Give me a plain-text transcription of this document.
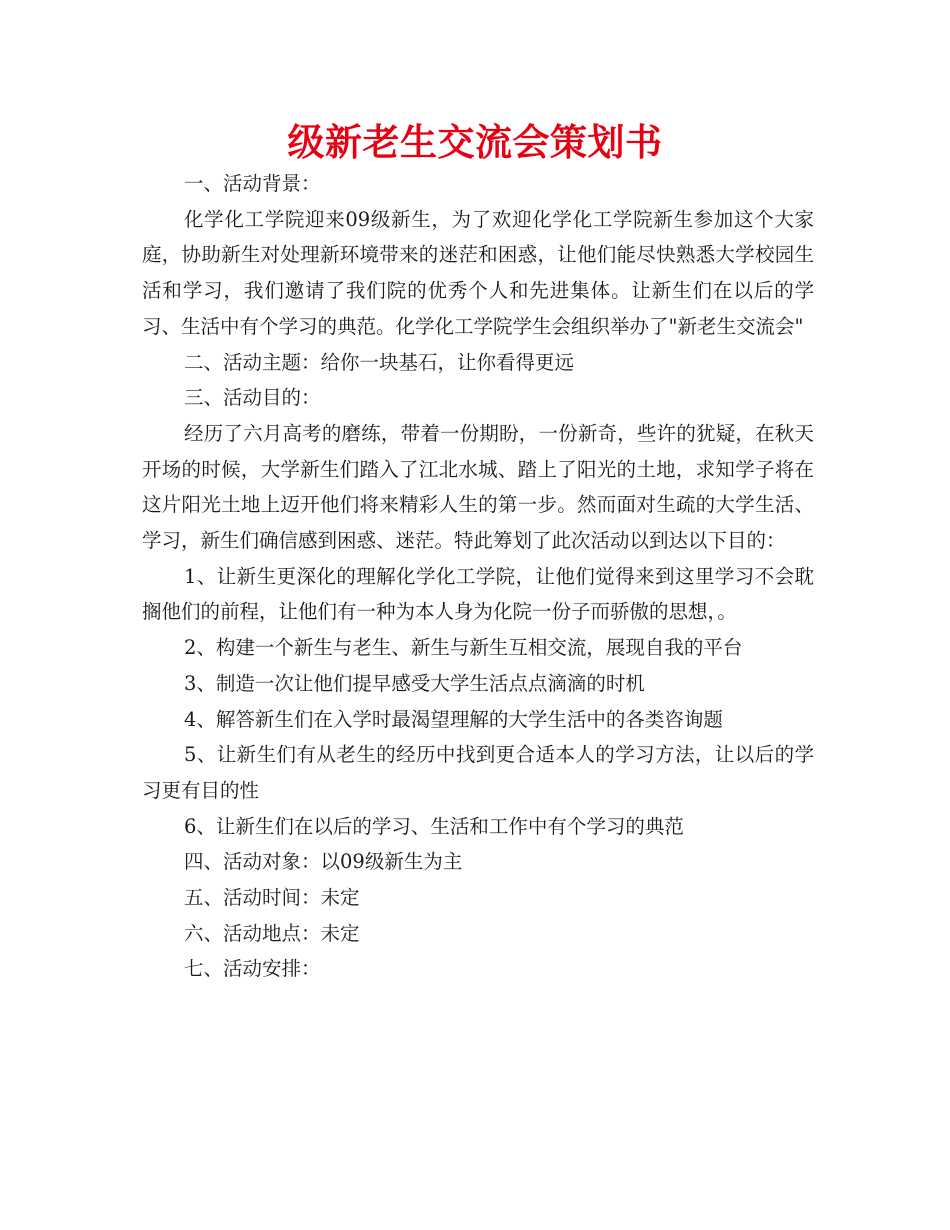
级新老生交流会策划书

一、活动背景：

化学化工学院迎来09级新生，为了欢迎化学化工学院新生参加这个大家庭，协助新生对处理新环境带来的迷茫和困惑，让他们能尽快熟悉大学校园生活和学习，我们邀请了我们院的优秀个人和先进集体。让新生们在以后的学习、生活中有个学习的典范。化学化工学院学生会组织举办了"新老生交流会"

二、活动主题：给你一块基石，让你看得更远

三、活动目的：

经历了六月高考的磨练，带着一份期盼，一份新奇，些许的犹疑，在秋天开场的时候，大学新生们踏入了江北水城、踏上了阳光的土地，求知学子将在这片阳光土地上迈开他们将来精彩人生的第一步。然而面对生疏的大学生活、学习，新生们确信感到困惑、迷茫。特此筹划了此次活动以到达以下目的：

1、让新生更深化的理解化学化工学院，让他们觉得来到这里学习不会耽搁他们的前程，让他们有一种为本人身为化院一份子而骄傲的思想，。

2、构建一个新生与老生、新生与新生互相交流，展现自我的平台

3、制造一次让他们提早感受大学生活点点滴滴的时机

4、解答新生们在入学时最渴望理解的大学生活中的各类咨询题

5、让新生们有从老生的经历中找到更合适本人的学习方法，让以后的学习更有目的性

6、让新生们在以后的学习、生活和工作中有个学习的典范

四、活动对象：以09级新生为主

五、活动时间：未定

六、活动地点：未定

七、活动安排：
